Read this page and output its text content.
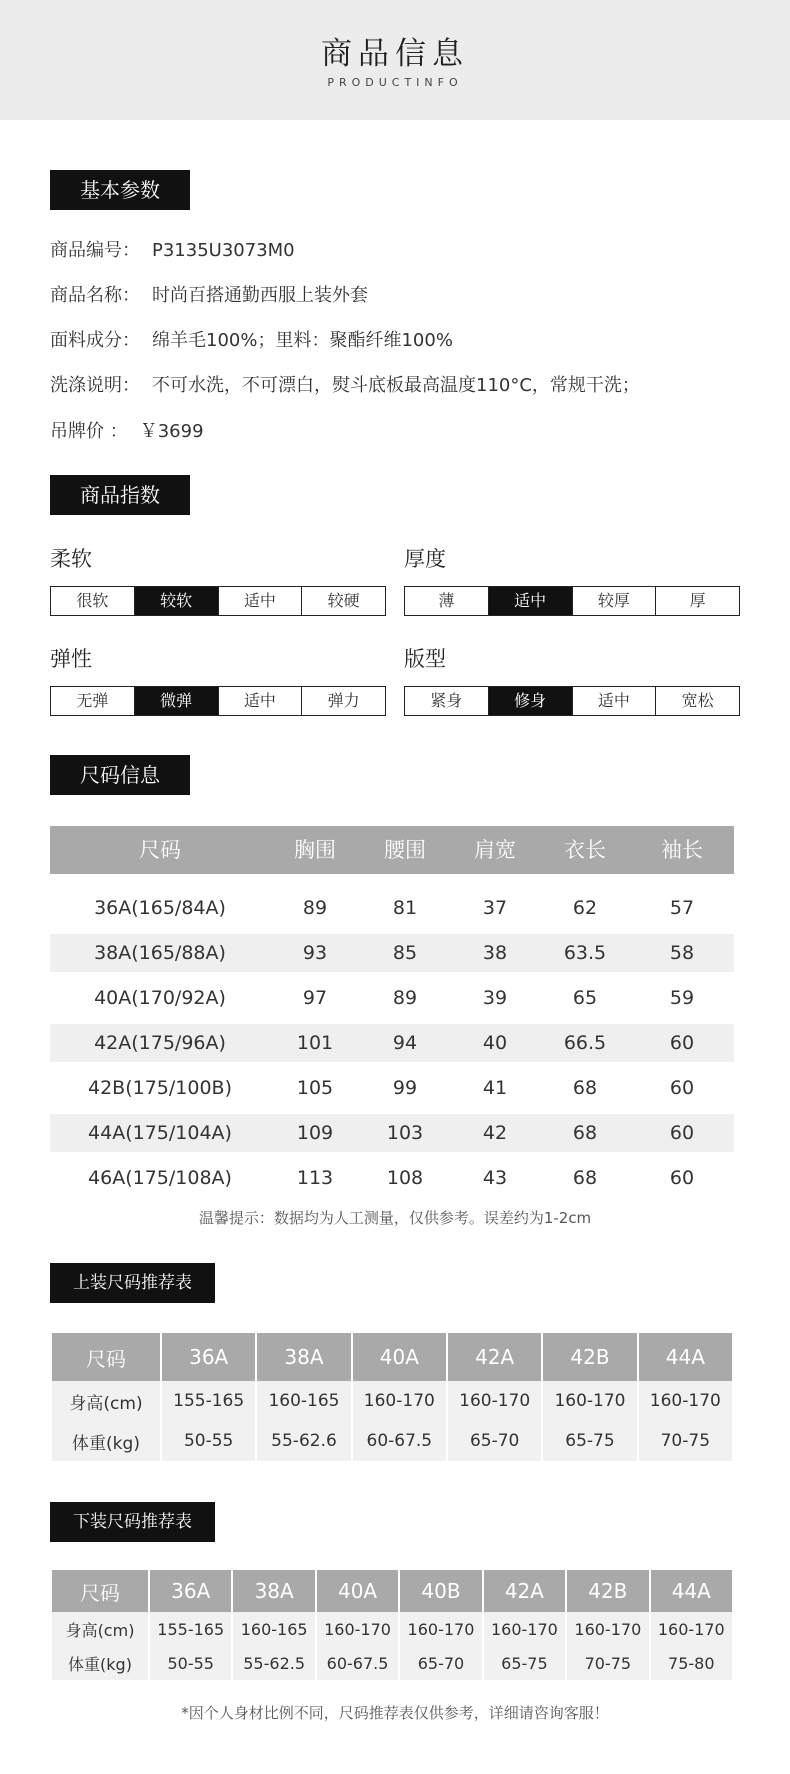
商品信息
PRODUCTINFO
基本参数
商品编号： P3135U3073M0
商品名称： 时尚百搭通勤西服上装外套
面料成分： 绵羊毛100%；里料：聚酯纤维100%
洗涤说明： 不可水洗，不可漂白，熨斗底板最高温度110°C，常规干洗；
吊牌价 ： ￥3699
商品指数
柔软
很软	较软	适中	较硬
厚度
薄	适中	较厚	厚
弹性
无弹	微弹	适中	弹力
版型
紧身	修身	适中	宽松
尺码信息
尺码	胸围	腰围	肩宽	衣长	袖长
36A(165/84A)	89	81	37	62	57
38A(165/88A)	93	85	38	63.5	58
40A(170/92A)	97	89	39	65	59
42A(175/96A)	101	94	40	66.5	60
42B(175/100B)	105	99	41	68	60
44A(175/104A)	109	103	42	68	60
46A(175/108A)	113	108	43	68	60
温馨提示：数据均为人工测量，仅供参考。误差约为1-2cm
上装尺码推荐表
尺码	36A	38A	40A	42A	42B	44A
身高(cm)	155-165	160-165	160-170	160-170	160-170	160-170
体重(kg)	50-55	55-62.6	60-67.5	65-70	65-75	70-75
下装尺码推荐表
尺码	36A	38A	40A	40B	42A	42B	44A
身高(cm)	155-165	160-165	160-170	160-170	160-170	160-170	160-170
体重(kg)	50-55	55-62.5	60-67.5	65-70	65-75	70-75	75-80
*因个人身材比例不同，尺码推荐表仅供参考，详细请咨询客服！
